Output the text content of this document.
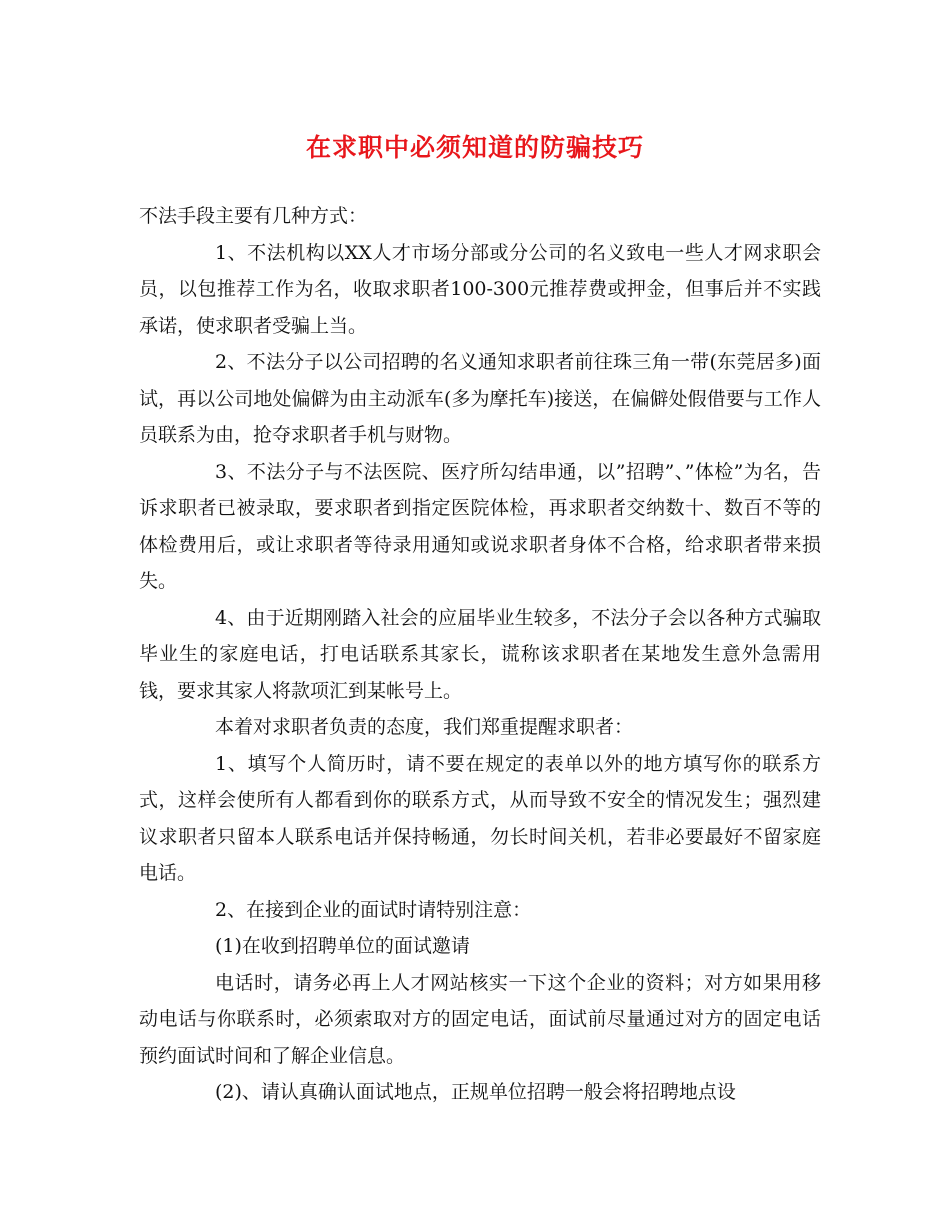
在求职中必须知道的防骗技巧

不法手段主要有几种方式：

1、不法机构以XX人才市场分部或分公司的名义致电一些人才网求职会员，以包推荐工作为名，收取求职者100-300元推荐费或押金，但事后并不实践承诺，使求职者受骗上当。

2、不法分子以公司招聘的名义通知求职者前往珠三角一带(东莞居多)面试，再以公司地处偏僻为由主动派车(多为摩托车)接送，在偏僻处假借要与工作人员联系为由，抢夺求职者手机与财物。

3、不法分子与不法医院、医疗所勾结串通，以”招聘”、”体检”为名，告诉求职者已被录取，要求职者到指定医院体检，再求职者交纳数十、数百不等的体检费用后，或让求职者等待录用通知或说求职者身体不合格，给求职者带来损失。

4、由于近期刚踏入社会的应届毕业生较多，不法分子会以各种方式骗取毕业生的家庭电话，打电话联系其家长，谎称该求职者在某地发生意外急需用钱，要求其家人将款项汇到某帐号上。

本着对求职者负责的态度，我们郑重提醒求职者：

1、填写个人简历时，请不要在规定的表单以外的地方填写你的联系方式，这样会使所有人都看到你的联系方式，从而导致不安全的情况发生；强烈建议求职者只留本人联系电话并保持畅通，勿长时间关机，若非必要最好不留家庭电话。

2、在接到企业的面试时请特别注意：

(1)在收到招聘单位的面试邀请

电话时，请务必再上人才网站核实一下这个企业的资料；对方如果用移动电话与你联系时，必须索取对方的固定电话，面试前尽量通过对方的固定电话预约面试时间和了解企业信息。

(2)、请认真确认面试地点，正规单位招聘一般会将招聘地点设
